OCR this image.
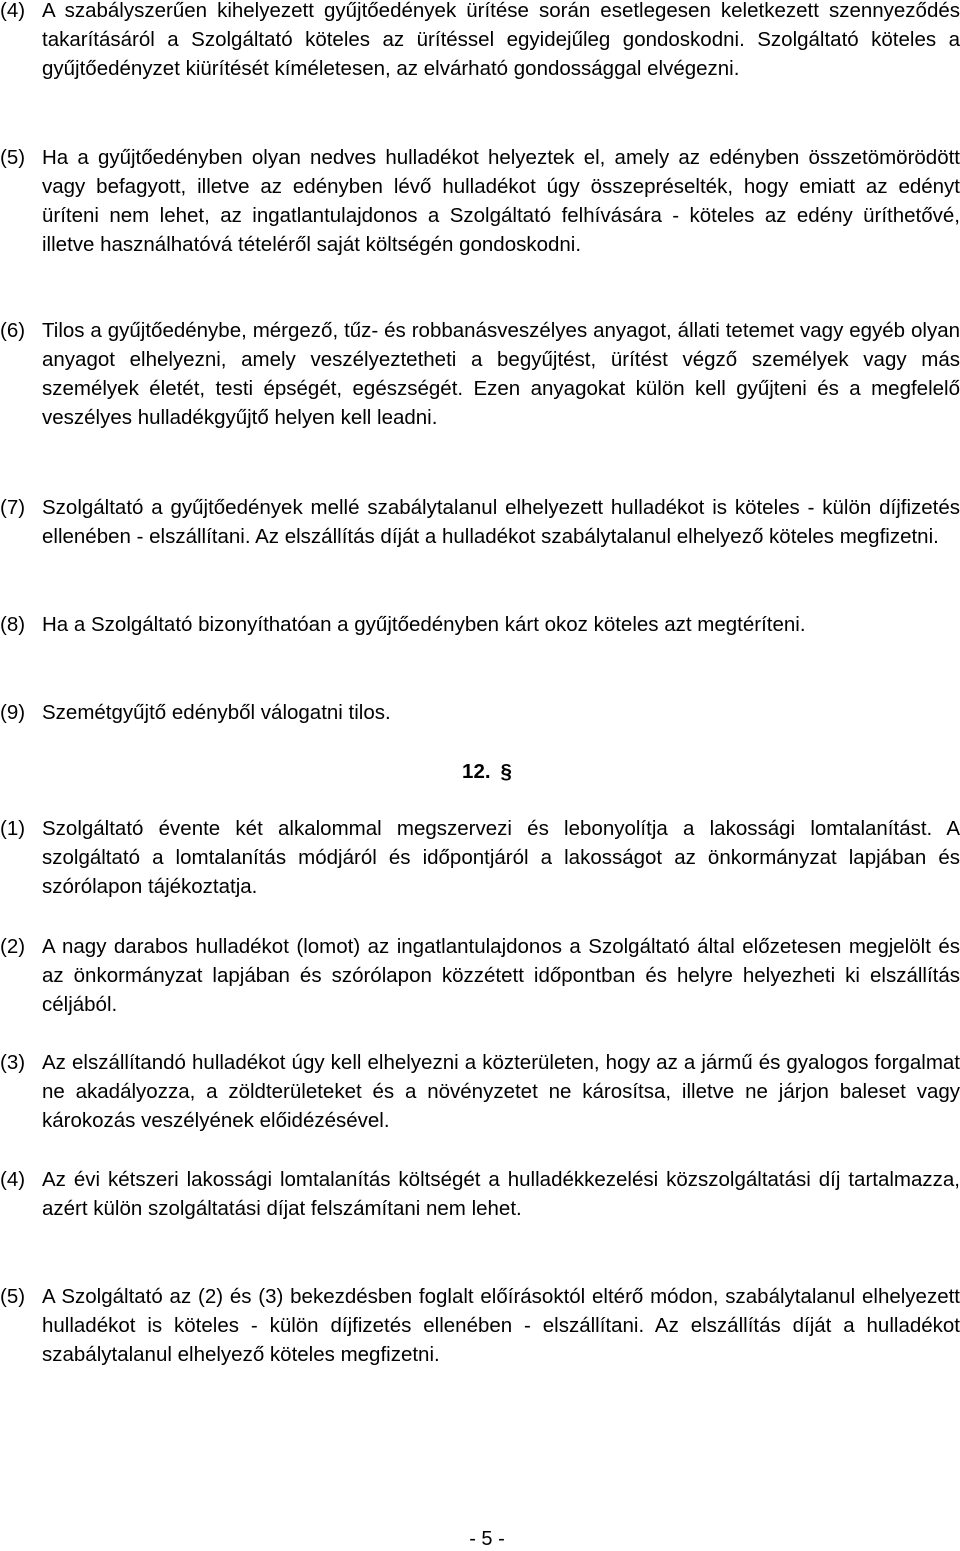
(4) A szabályszerűen kihelyezett gyűjtőedények ürítése során esetlegesen keletkezett szennyeződés takarításáról a Szolgáltató köteles az ürítéssel egyidejűleg gondoskodni. Szolgáltató köteles a gyűjtőedényzet kiürítését kíméletesen, az elvárható gondossággal elvégezni.
(5) Ha a gyűjtőedényben olyan nedves hulladékot helyeztek el, amely az edényben összetömörödött vagy befagyott, illetve az edényben lévő hulladékot úgy összepréselték, hogy emiatt az edényt üríteni nem lehet, az ingatlantulajdonos a Szolgáltató felhívására - köteles az edény üríthetővé, illetve használhatóvá tételéről saját költségén gondoskodni.
(6) Tilos a gyűjtőedénybe, mérgező, tűz- és robbanásveszélyes anyagot, állati tetemet vagy egyéb olyan anyagot elhelyezni, amely veszélyeztetheti a begyűjtést, ürítést végző személyek vagy más személyek életét, testi épségét, egészségét. Ezen anyagokat külön kell gyűjteni és a megfelelő veszélyes hulladékgyűjtő helyen kell leadni.
(7) Szolgáltató a gyűjtőedények mellé szabálytalanul elhelyezett hulladékot is köteles - külön díjfizetés ellenében - elszállítani. Az elszállítás díját a hulladékot szabálytalanul elhelyező köteles megfizetni.
(8) Ha a Szolgáltató bizonyíthatóan a gyűjtőedényben kárt okoz köteles azt megtéríteni.
(9) Szemétgyűjtő edényből válogatni tilos.
12. §
(1) Szolgáltató évente két alkalommal megszervezi és lebonyolítja a lakossági lomtalanítást. A szolgáltató a lomtalanítás módjáról és időpontjáról a lakosságot az önkormányzat lapjában és szórólapon tájékoztatja.
(2) A nagy darabos hulladékot (lomot) az ingatlantulajdonos a Szolgáltató által előzetesen megjelölt és az önkormányzat lapjában és szórólapon közzétett időpontban és helyre helyezheti ki elszállítás céljából.
(3) Az elszállítandó hulladékot úgy kell elhelyezni a közterületen, hogy az a jármű és gyalogos forgalmat ne akadályozza, a zöldterületeket és a növényzetet ne károsítsa, illetve ne járjon baleset vagy károkozás veszélyének előidézésével.
(4) Az évi kétszeri lakossági lomtalanítás költségét a hulladékkezelési közszolgáltatási díj tartalmazza, azért külön szolgáltatási díjat felszámítani nem lehet.
(5) A Szolgáltató az (2) és (3) bekezdésben foglalt előírásoktól eltérő módon, szabálytalanul elhelyezett hulladékot is köteles - külön díjfizetés ellenében - elszállítani. Az elszállítás díját a hulladékot szabálytalanul elhelyező köteles megfizetni.
- 5 -
